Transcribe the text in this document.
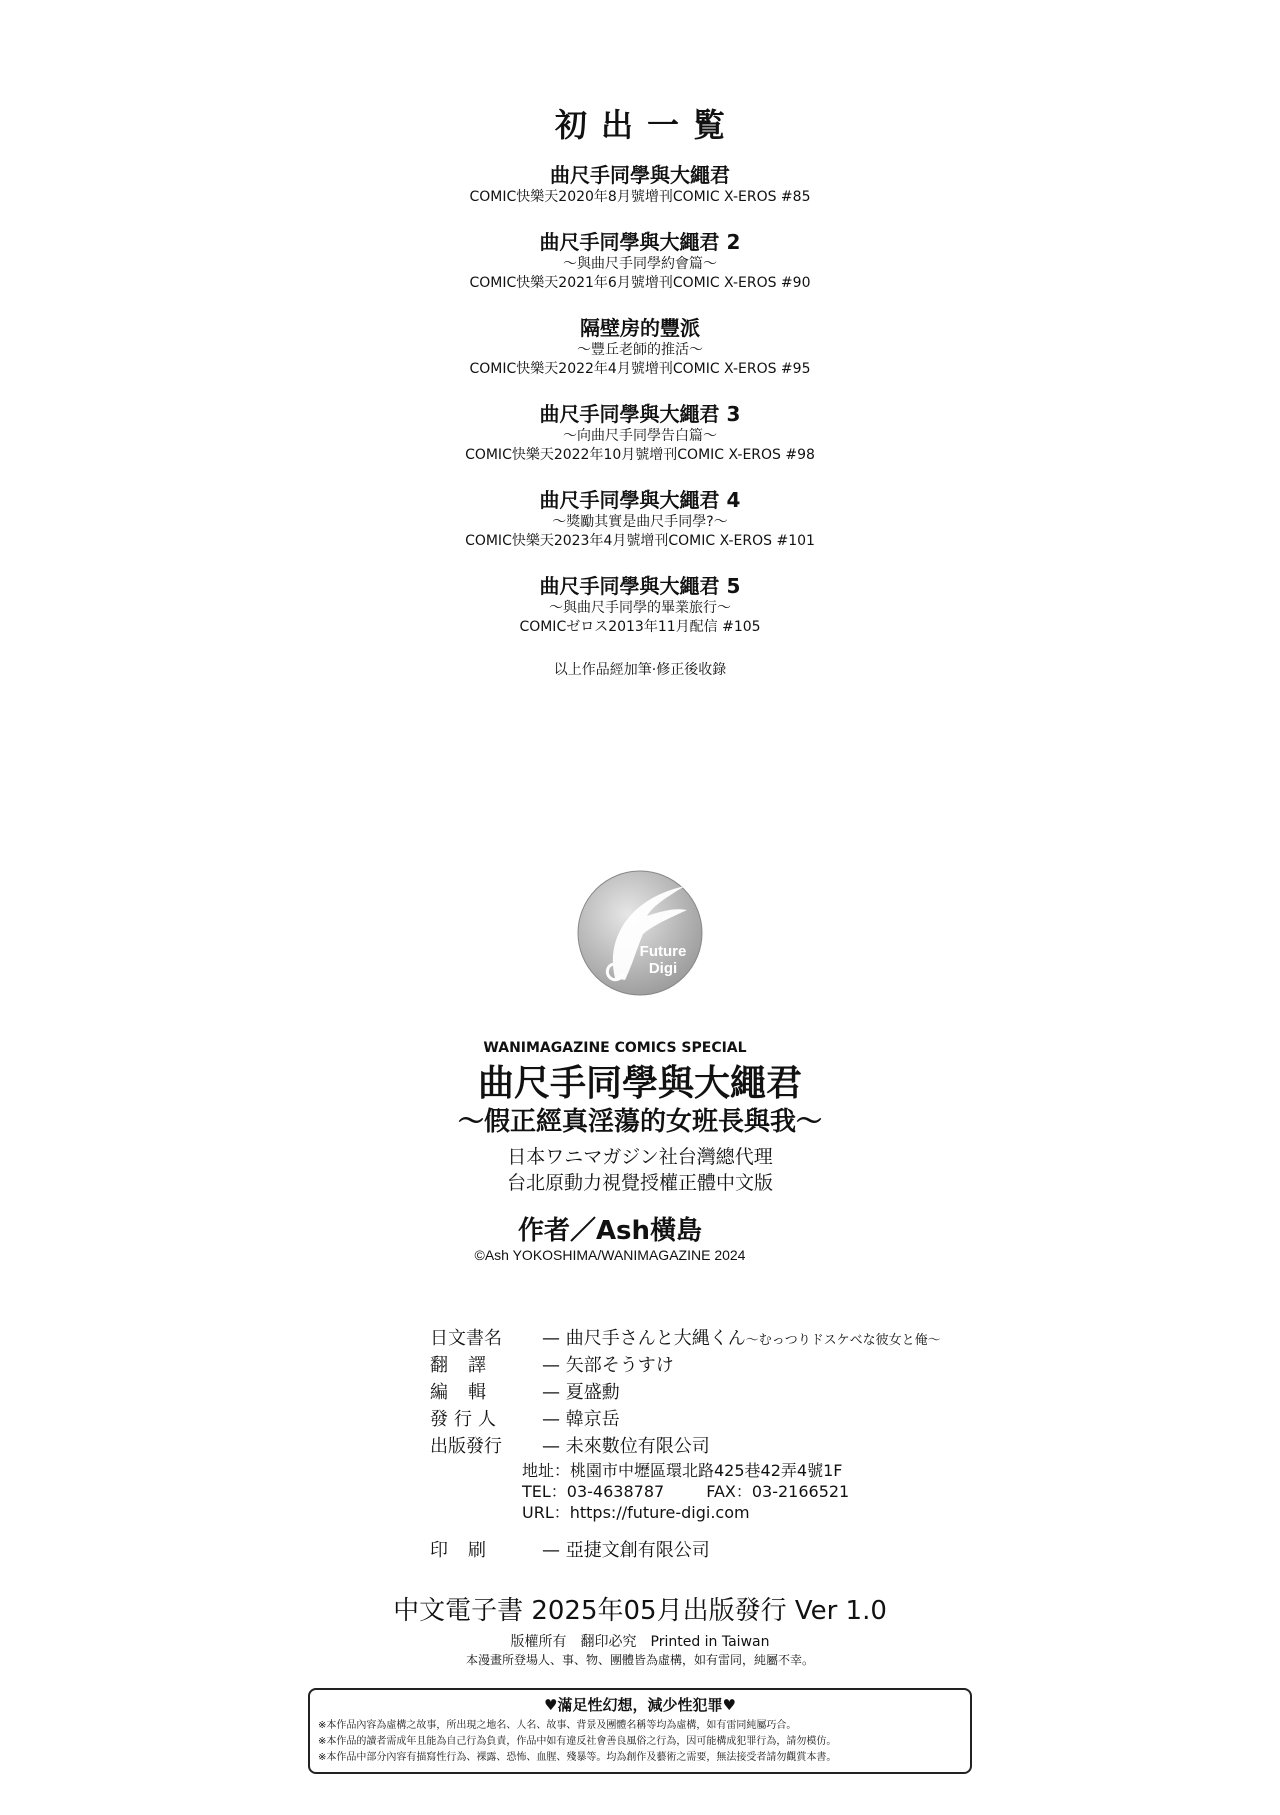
初出一覧
曲尺手同學與大繩君
COMIC快樂天2020年8月號增刊COMIC X-EROS #85
曲尺手同學與大繩君 2
～與曲尺手同學約會篇～
COMIC快樂天2021年6月號增刊COMIC X-EROS #90
隔壁房的豐派
～豐丘老師的推活～
COMIC快樂天2022年4月號增刊COMIC X-EROS #95
曲尺手同學與大繩君 3
～向曲尺手同學告白篇～
COMIC快樂天2022年10月號增刊COMIC X-EROS #98
曲尺手同學與大繩君 4
～獎勵其實是曲尺手同學?～
COMIC快樂天2023年4月號增刊COMIC X-EROS #101
曲尺手同學與大繩君 5
～與曲尺手同學的畢業旅行～
COMICゼロス2013年11月配信 #105
以上作品經加筆·修正後收錄
Future
Digi
WANIMAGAZINE COMICS SPECIAL
曲尺手同學與大繩君
～假正經真淫蕩的女班長與我～
日本ワニマガジン社台灣總代理
台北原動力視覺授權正體中文版
作者／Ash橫島
©Ash YOKOSHIMA/WANIMAGAZINE 2024
日文書名 — 曲尺手さんと大縄くん～むっつりドスケベな彼女と俺～
翻譯 — 矢部そうすけ
編輯 — 夏盛勳
發行人 — 韓京岳
出版發行 — 未來數位有限公司
地址：桃園市中壢區環北路425巷42弄4號1F
TEL：03-4638787	FAX：03-2166521
URL：https://future-digi.com
印刷 — 亞捷文創有限公司
中文電子書 2025年05月出版發行 Ver 1.0
版權所有　翻印必究　Printed in Taiwan
本漫畫所登場人、事、物、團體皆為虛構，如有雷同，純屬不幸。
♥滿足性幻想，減少性犯罪♥
※本作品內容為虛構之故事，所出現之地名、人名、故事、背景及團體名稱等均為虛構，如有雷同純屬巧合。
※本作品的讀者需成年且能為自己行為負責，作品中如有違反社會善良風俗之行為，因可能構成犯罪行為，請勿模仿。
※本作品中部分內容有描寫性行為、裸露、恐怖、血腥、殘暴等。均為創作及藝術之需要，無法接受者請勿觀賞本書。
